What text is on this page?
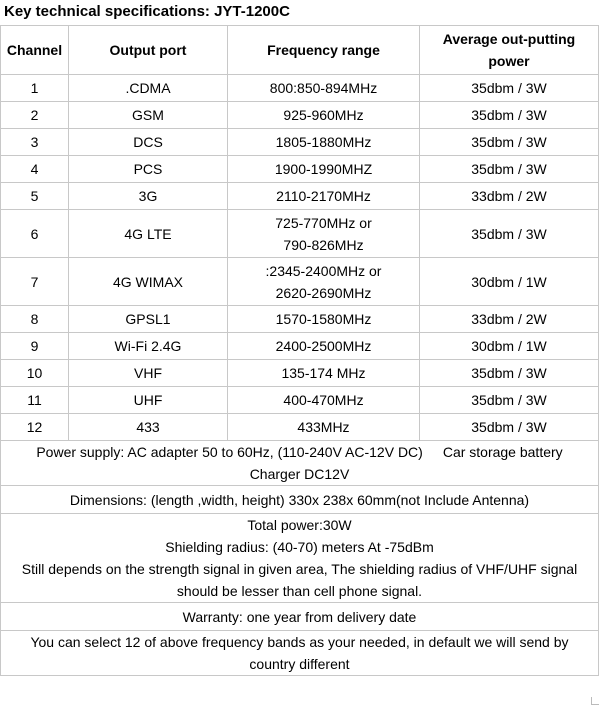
Key technical specifications: JYT-1200C
Channel	Output port	Frequency range	Average out-putting power
1	.CDMA	800:850-894MHz	35dbm / 3W
2	GSM	925-960MHz	35dbm / 3W
3	DCS	1805-1880MHz	35dbm / 3W
4	PCS	1900-1990MHZ	35dbm / 3W
5	3G	2110-2170MHz	33dbm / 2W
6	4G LTE	725-770MHz or
790-826MHz	35dbm / 3W
7	4G WIMAX	:2345-2400MHz or
2620-2690MHz	30dbm / 1W
8	GPSL1	1570-1580MHz	33dbm / 2W
9	Wi-Fi 2.4G	2400-2500MHz	30dbm / 1W
10	VHF	135-174 MHz	35dbm / 3W
11	UHF	400-470MHz	35dbm / 3W
12	433	433MHz	35dbm / 3W

Power supply: AC adapter 50 to 60Hz, (110-240V AC-12V DC) Car storage battery
Charger DC12V			

Dimensions: (length ,width, height) 330x 238x 60mm(not Include Antenna)			

Total power:30W
Shielding radius: (40-70) meters At -75dBm
Still depends on the strength signal in given area, The shielding radius of VHF/UHF signal
should be lesser than cell phone signal.			

Warranty: one year from delivery date			

You can select 12 of above frequency bands as your needed, in default we will send by
country different			
